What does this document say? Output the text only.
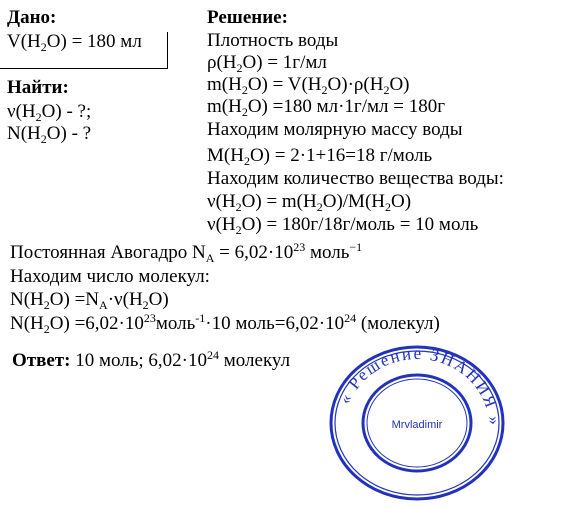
Дано:
$V(H_2O) = 180$ мл
Найти:
$\nu(H_2O)$ - ?;
$N(H_2O)$ - ?
Решение:
Плотность воды
$\rho(H_2O) = 1г/мл$
$m(H_2O) = V(H_2O)\cdot\rho(H_2O)$
$m(H_2O) =180$ мл·1г/мл = 180г
Находим молярную массу воды
$M(H_2O) = 2\cdot 1+16=18$ г/моль
Находим количество вещества воды:
$\nu(H_2O) = m(H_2O)/M(H_2O)$
$\nu(H_2O)$ = 180г/18г/моль = 10 моль
Постоянная Авогадро $N_A = 6,02\cdot 10^{23}$ моль$^{-1}$
Находим число молекул:
$N(H_2O) =N_A\cdot\nu(H_2O)$
$N(H_2O)$ $=6,02\cdot 10^{23}моль^{-1}\cdot 10$ $моль=6,02\cdot 10^{24}$ (молекул)
Ответ: 10 моль; $6,02\cdot 10^{24}$ молекул
« Решение ЗНАНИЯ »
Mrvladimir
